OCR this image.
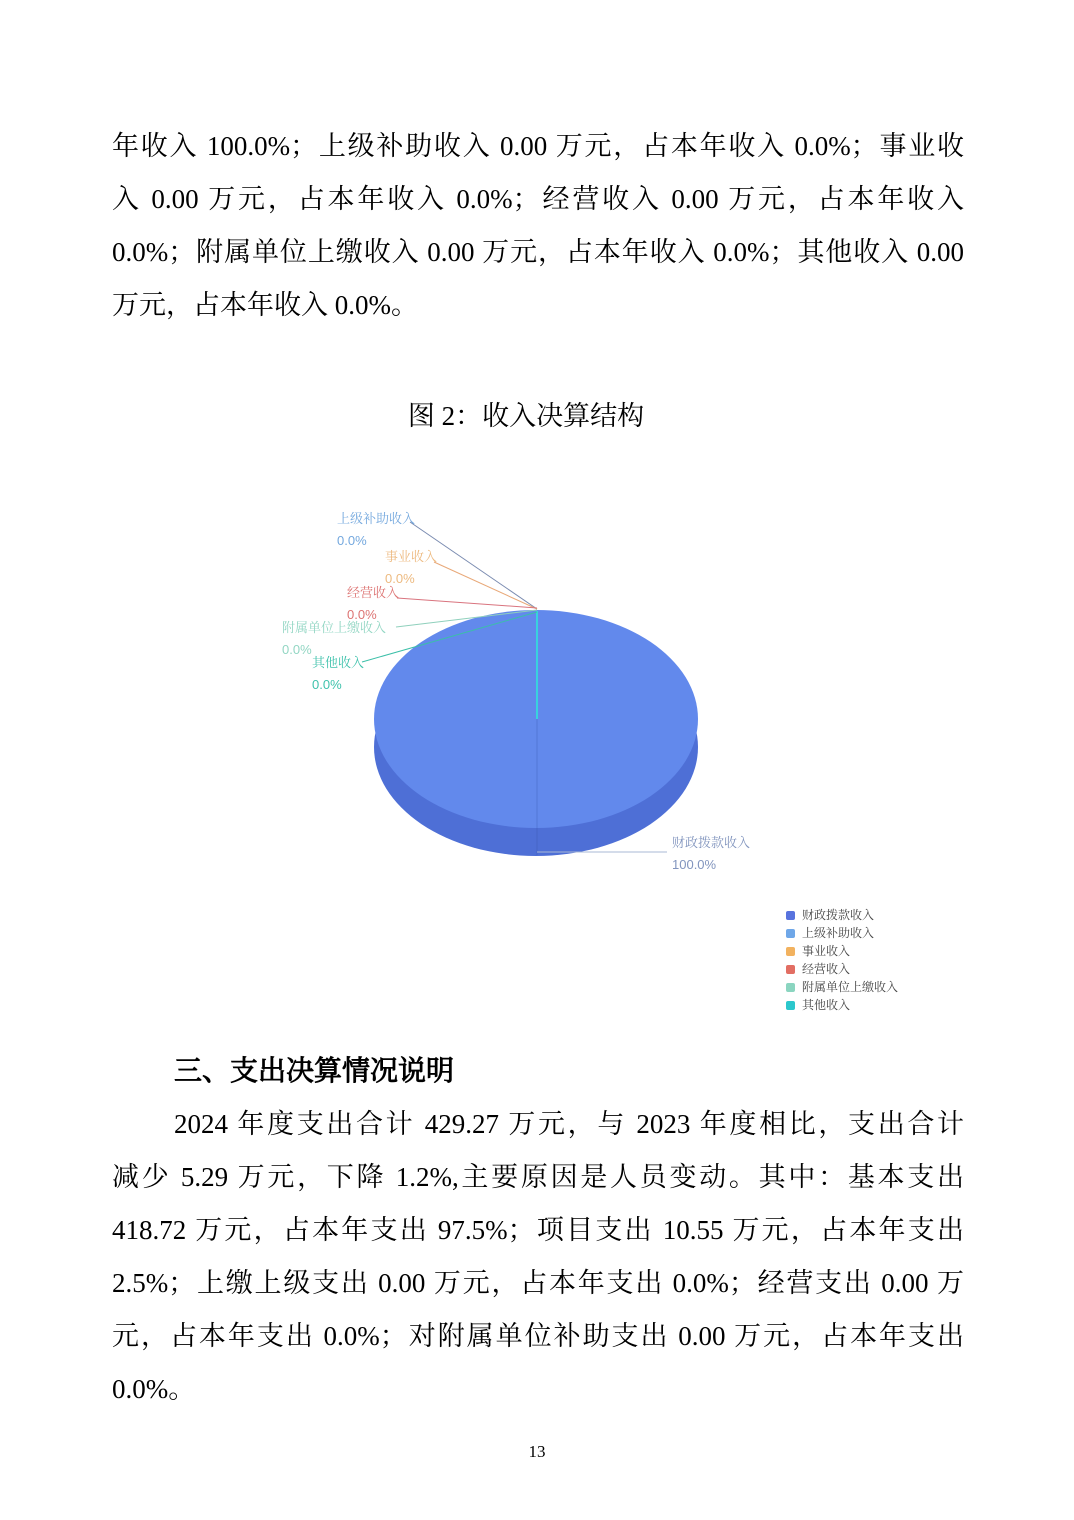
年收入 100.0%；上级补助收入 0.00 万元，占本年收入 0.0%；事业收
入 0.00 万元，占本年收入 0.0%；经营收入 0.00 万元，占本年收入
0.0%；附属单位上缴收入 0.00 万元，占本年收入 0.0%；其他收入 0.00
万元，占本年收入 0.0%。
图 2：收入决算结构
上级补助收入
0.0%
事业收入
0.0%
经营收入
0.0%
附属单位上缴收入
0.0%
其他收入
0.0%
财政拨款收入
100.0%
财政拨款收入
上级补助收入
事业收入
经营收入
附属单位上缴收入
其他收入
三、支出决算情况说明
2024 年度支出合计 429.27 万元，与 2023 年度相比，支出合计
减少 5.29 万元，下降 1.2%,主要原因是人员变动。其中：基本支出
418.72 万元，占本年支出 97.5%；项目支出 10.55 万元，占本年支出
2.5%；上缴上级支出 0.00 万元，占本年支出 0.0%；经营支出 0.00 万
元，占本年支出 0.0%；对附属单位补助支出 0.00 万元，占本年支出
0.0%。
13
